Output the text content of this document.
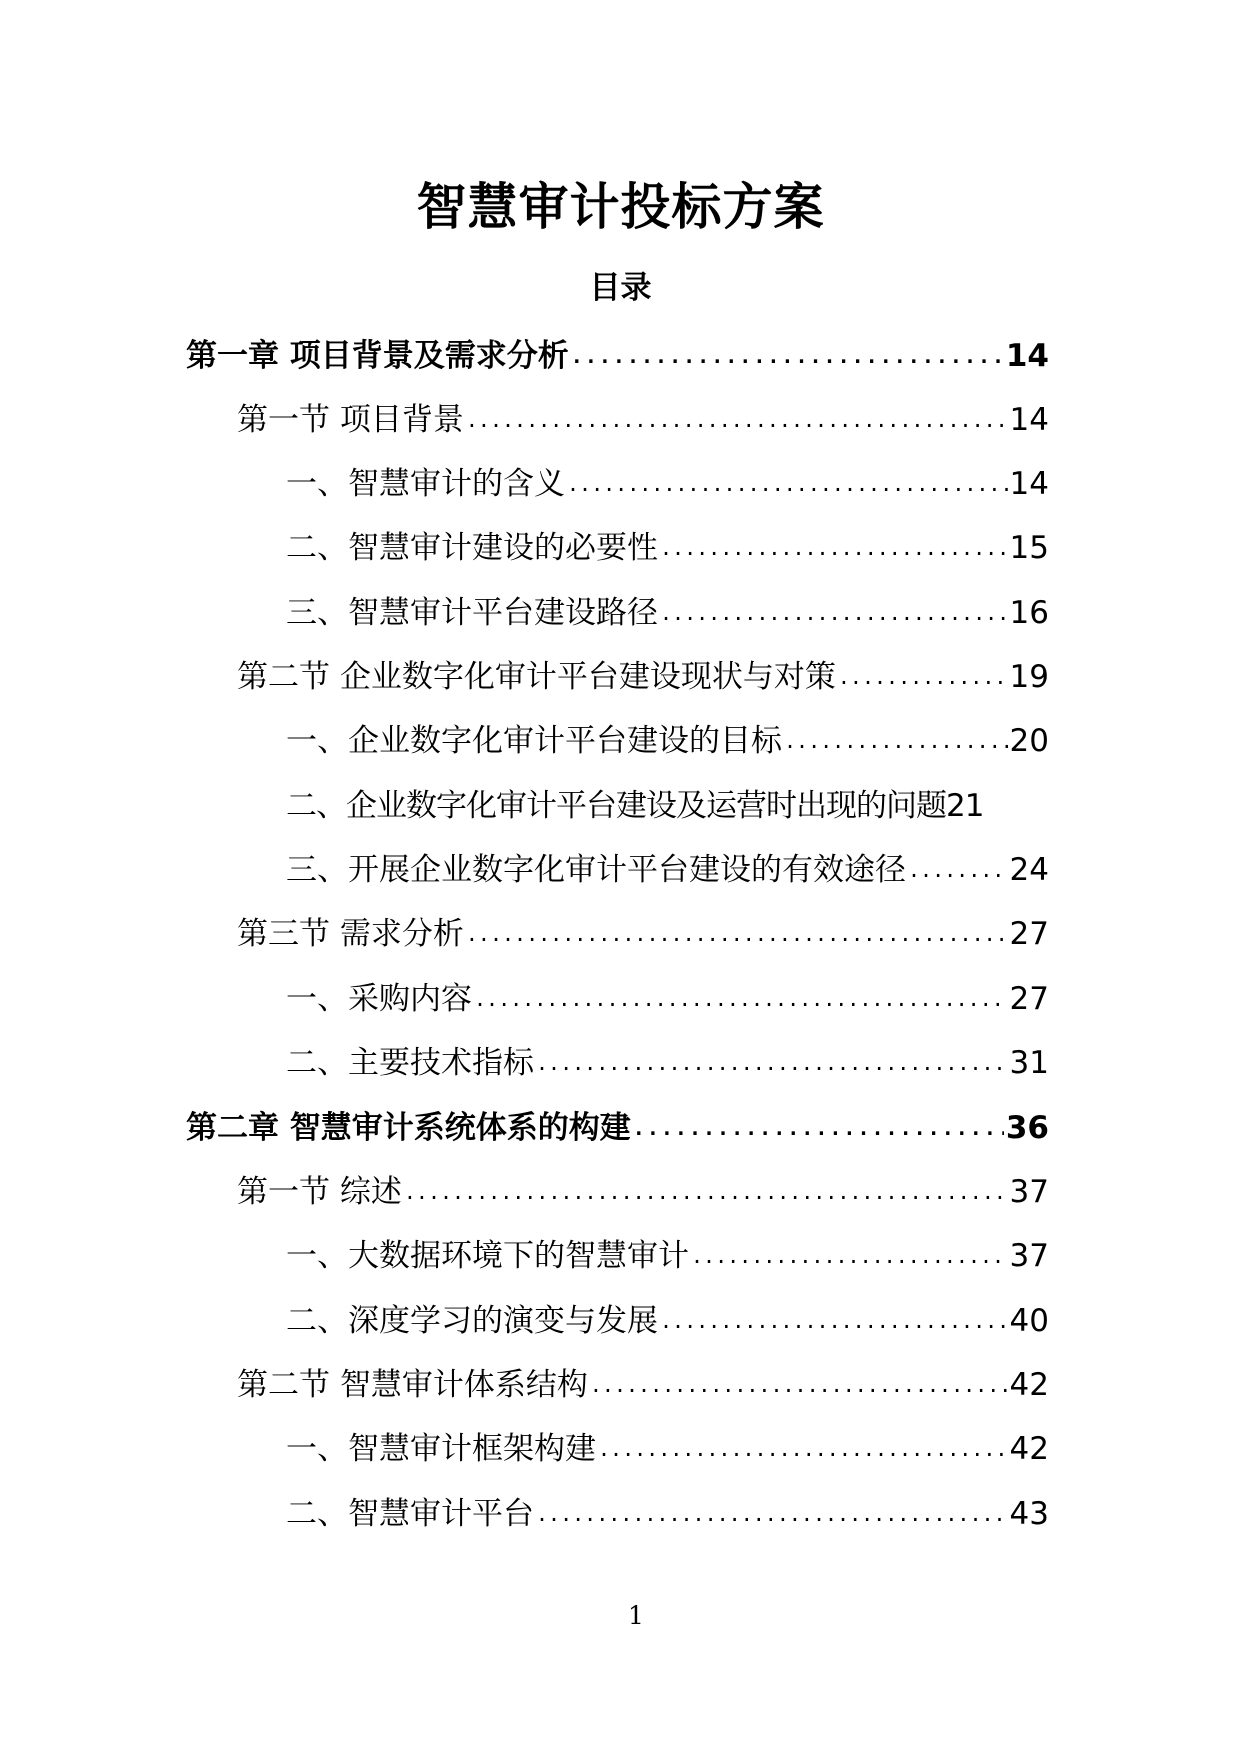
智慧审计投标方案
目录
第一章 项目背景及需求分析 .....	14
第一节 项目背景 .....	14
一、智慧审计的含义 .....	14
二、智慧审计建设的必要性 .....	15
三、智慧审计平台建设路径 .....	16
第二节 企业数字化审计平台建设现状与对策 .....	19
一、企业数字化审计平台建设的目标 .....	20
二、企业数字化审计平台建设及运营时出现的问题 21
三、开展企业数字化审计平台建设的有效途径 .....	24
第三节 需求分析 .....	27
一、采购内容 .....	27
二、主要技术指标 .....	31
第二章 智慧审计系统体系的构建 .....	36
第一节 综述 .....	37
一、大数据环境下的智慧审计 .....	37
二、深度学习的演变与发展 .....	40
第二节 智慧审计体系结构 .....	42
一、智慧审计框架构建 .....	42
二、智慧审计平台 .....	43
1
